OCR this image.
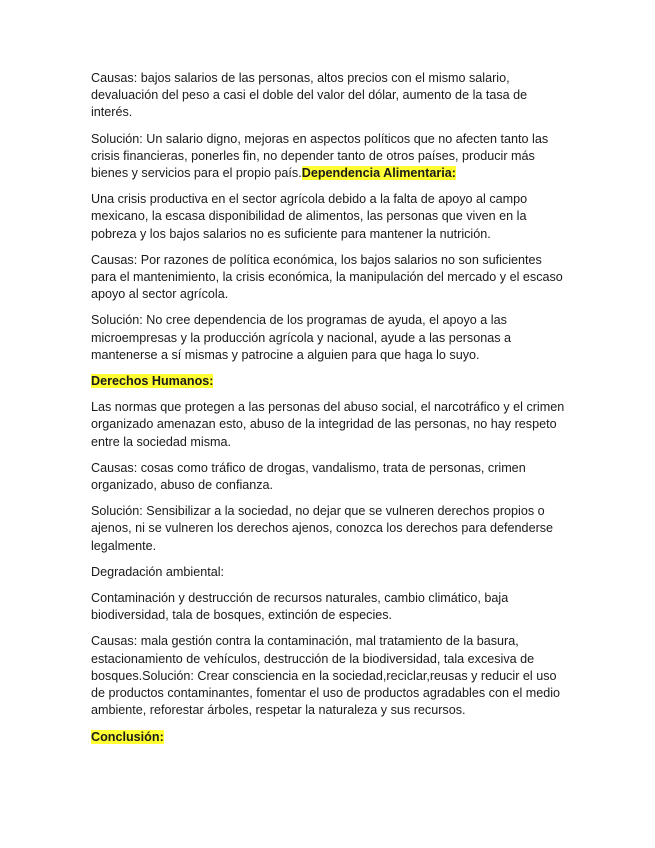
Causas: bajos salarios de las personas, altos precios con el mismo salario, devaluación del peso a casi el doble del valor del dólar, aumento de la tasa de interés.

Solución: Un salario digno, mejoras en aspectos políticos que no afecten tanto las crisis financieras, ponerles fin, no depender tanto de otros países, producir más bienes y servicios para el propio país.Dependencia Alimentaria:

Una crisis productiva en el sector agrícola debido a la falta de apoyo al campo mexicano, la escasa disponibilidad de alimentos, las personas que viven en la pobreza y los bajos salarios no es suficiente para mantener la nutrición.

Causas: Por razones de política económica, los bajos salarios no son suficientes para el mantenimiento, la crisis económica, la manipulación del mercado y el escaso apoyo al sector agrícola.

Solución: No cree dependencia de los programas de ayuda, el apoyo a las microempresas y la producción agrícola y nacional, ayude a las personas a mantenerse a sí mismas y patrocine a alguien para que haga lo suyo.

Derechos Humanos:

Las normas que protegen a las personas del abuso social, el narcotráfico y el crimen organizado amenazan esto, abuso de la integridad de las personas, no hay respeto entre la sociedad misma.

Causas: cosas como tráfico de drogas, vandalismo, trata de personas, crimen organizado, abuso de confianza.

Solución: Sensibilizar a la sociedad, no dejar que se vulneren derechos propios o ajenos, ni se vulneren los derechos ajenos, conozca los derechos para defenderse legalmente.

Degradación ambiental:

Contaminación y destrucción de recursos naturales, cambio climático, baja biodiversidad, tala de bosques, extinción de especies.

Causas: mala gestión contra la contaminación, mal tratamiento de la basura, estacionamiento de vehículos, destrucción de la biodiversidad, tala excesiva de bosques.Solución: Crear consciencia en la sociedad,reciclar,reusas y reducir el uso de productos contaminantes, fomentar el uso de productos agradables con el medio ambiente, reforestar árboles, respetar la naturaleza y sus recursos.

Conclusión:
